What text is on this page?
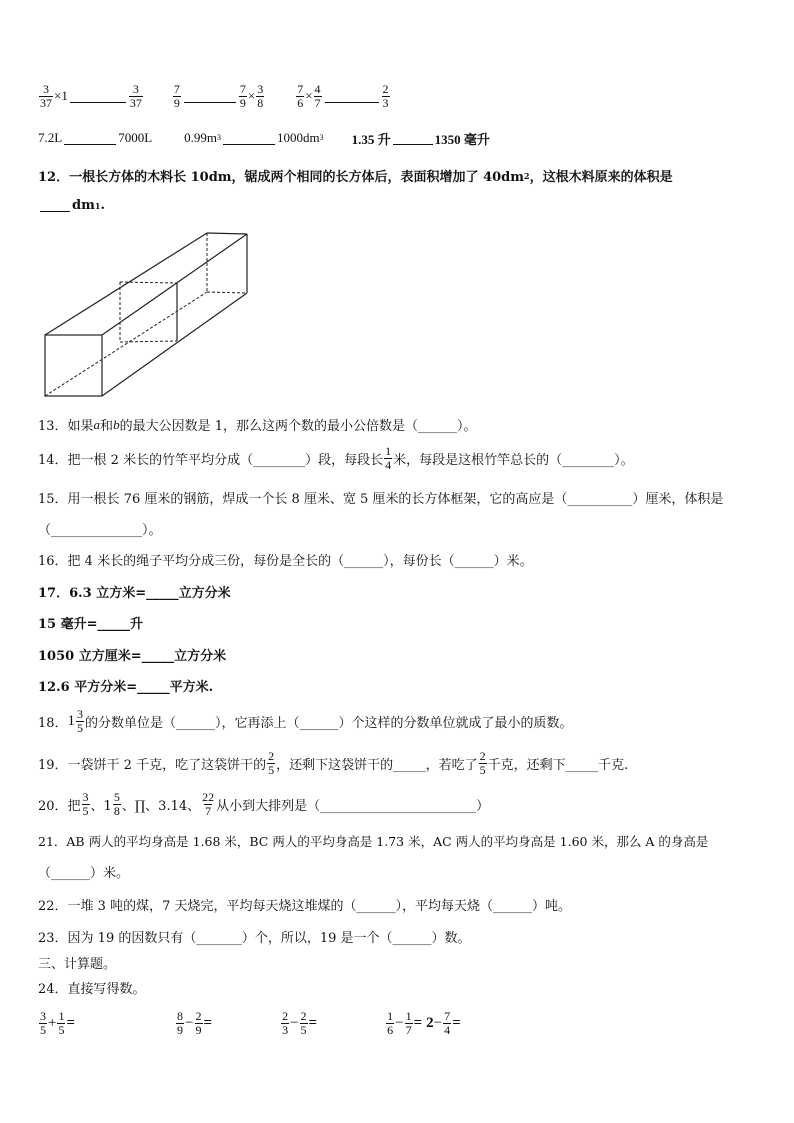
$\frac{3}{37} \times 1$	$\frac{3}{37}$	$\frac{7}{9}$	$\frac{7}{9} \times \frac{3}{8}$	$\frac{7}{6} \times \frac{4}{7}$	$\frac{2}{3}$
7.2L	7000L 0.99m 3	1000dm 3 1.35 升	1350 毫升
12．一根长方体的木料长 10dm，锯成两个相同的长方体后，表面积增加了 40dm 2 ，这根木料原来的体积是
dm 1 .
13．如果 a 和 b 的最大公因数是 1，那么这两个数的最小公倍数是（______）。
14．把一根 2 米长的竹竿平均分成（________）段，每段长 $\frac{1}{4}$ 米，每段是这根竹竿总长的（________）。
15．用一根长 76 厘米的钢筋，焊成一个长 8 厘米、宽 5 厘米的长方体框架，它的高应是（__________）厘米，体积是
（______________）。
16．把 4 米长的绳子平均分成三份，每份是全长的（______），每份长（______）米。
17．6.3 立方米=_____立方分米
15 毫升=_____升
1050 立方厘米=_____立方分米
12.6 平方分米=_____平方米.
18． $1 \frac{3}{5}$ 的分数单位是（______），它再添上（______）个这样的分数单位就成了最小的质数。
19．一袋饼干 2 千克，吃了这袋饼干的 $\frac{2}{5}$ ，还剩下这袋饼干的_____，若吃了 $\frac{2}{5}$ 千克，还剩下_____千克.
20．把 $\frac{3}{5}$ 、$1 \frac{5}{8}$ 、∏、3.14、 $\frac{22}{7}$ 从小到大排列是（________________________）
21．AB 两人的平均身高是 1.68 米，BC 两人的平均身高是 1.73 米，AC 两人的平均身高是 1.60 米，那么 A 的身高是
（______）米。
22．一堆 3 吨的煤，7 天烧完，平均每天烧这堆煤的（______），平均每天烧（______）吨。
23．因为 19 的因数只有（_______）个，所以，19 是一个（______）数。
三、计算题。
24．直接写得数。
$\frac{3}{5} + \frac{1}{5}$ =	$\frac{8}{9} - \frac{2}{9}$ =	$\frac{2}{3} - \frac{2}{5}$ =	$\frac{1}{6} - \frac{1}{7} = 2 - \frac{7}{4}$ =
